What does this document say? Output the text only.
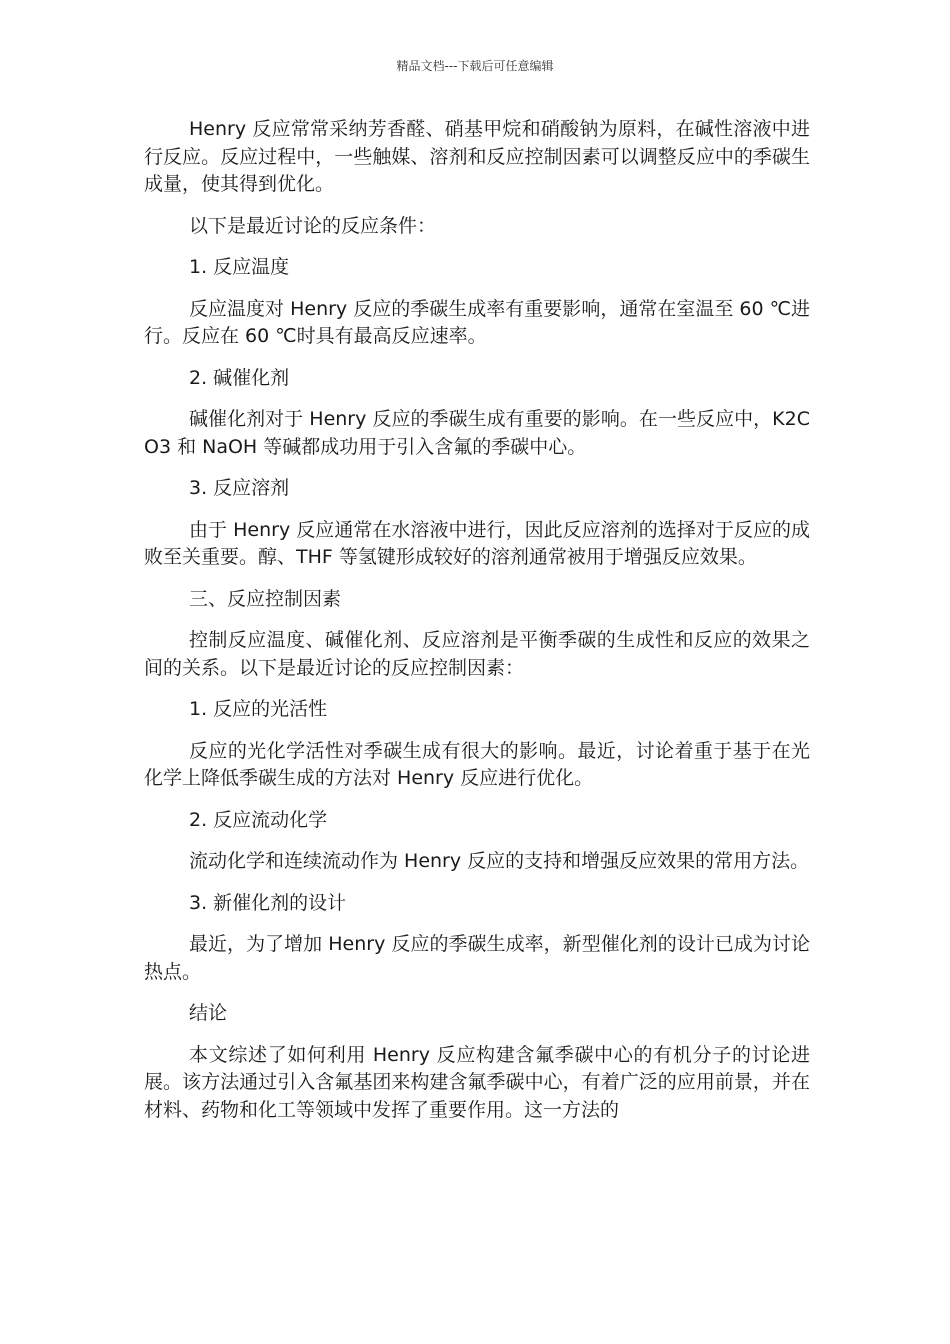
精品文档---下载后可任意编辑

Henry 反应常常采纳芳香醛、硝基甲烷和硝酸钠为原料，在碱性溶液中进行反应。反应过程中，一些触媒、溶剂和反应控制因素可以调整反应中的季碳生成量，使其得到优化。

以下是最近讨论的反应条件：

1. 反应温度

反应温度对 Henry 反应的季碳生成率有重要影响，通常在室温至 60 ℃进行。反应在 60 ℃时具有最高反应速率。

2. 碱催化剂

碱催化剂对于 Henry 反应的季碳生成有重要的影响。在一些反应中，K2CO3 和 NaOH 等碱都成功用于引入含氟的季碳中心。

3. 反应溶剂

由于 Henry 反应通常在水溶液中进行，因此反应溶剂的选择对于反应的成败至关重要。醇、THF 等氢键形成较好的溶剂通常被用于增强反应效果。

三、反应控制因素

控制反应温度、碱催化剂、反应溶剂是平衡季碳的生成性和反应的效果之间的关系。以下是最近讨论的反应控制因素：

1. 反应的光活性

反应的光化学活性对季碳生成有很大的影响。最近，讨论着重于基于在光化学上降低季碳生成的方法对 Henry 反应进行优化。

2. 反应流动化学

流动化学和连续流动作为 Henry 反应的支持和增强反应效果的常用方法。

3. 新催化剂的设计

最近，为了增加 Henry 反应的季碳生成率，新型催化剂的设计已成为讨论热点。

结论

本文综述了如何利用 Henry 反应构建含氟季碳中心的有机分子的讨论进展。该方法通过引入含氟基团来构建含氟季碳中心，有着广泛的应用前景，并在材料、药物和化工等领域中发挥了重要作用。这一方法的
